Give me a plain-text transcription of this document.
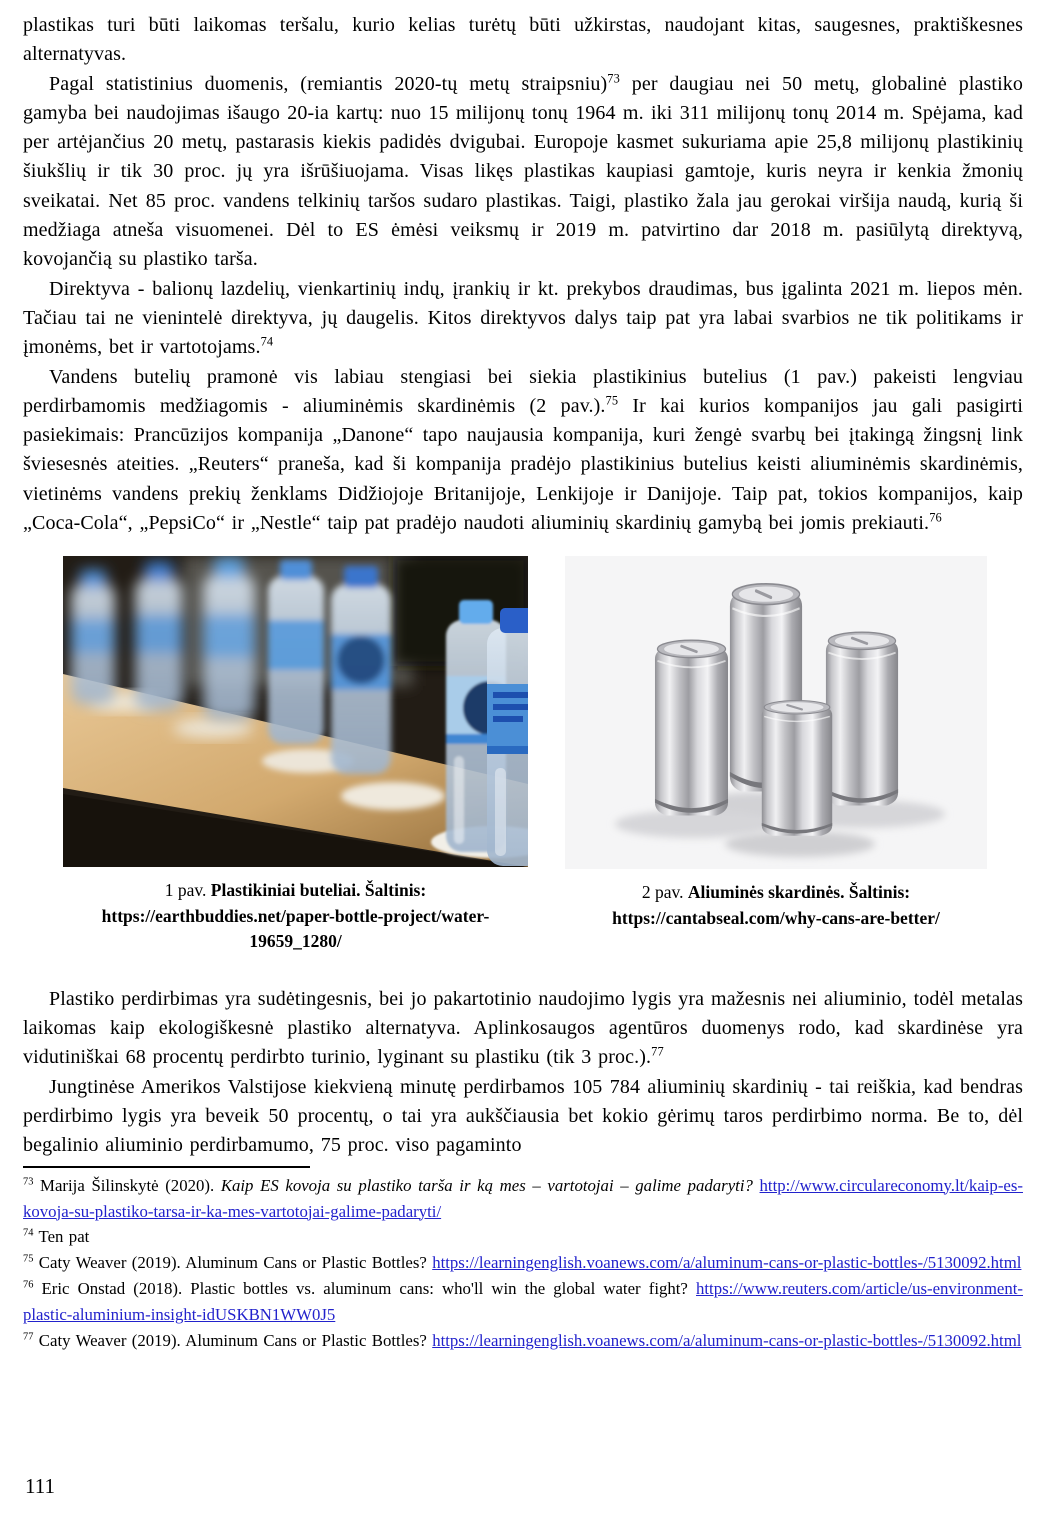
plastikas turi būti laikomas teršalu, kurio kelias turėtų būti užkirstas, naudojant kitas, saugesnes, praktiškesnes alternatyvas.

Pagal statistinius duomenis, (remiantis 2020-tų metų straipsniu)$^{73}$ per daugiau nei 50 metų, globalinė plastiko gamyba bei naudojimas išaugo 20-ia kartų: nuo 15 milijonų tonų 1964 m. iki 311 milijonų tonų 2014 m. Spėjama, kad per artėjančius 20 metų, pastarasis kiekis padidės dvigubai. Europoje kasmet sukuriama apie 25,8 milijonų plastikinių šiukšlių ir tik 30 proc. jų yra išrūšiuojama. Visas likęs plastikas kaupiasi gamtoje, kuris neyra ir kenkia žmonių sveikatai. Net 85 proc. vandens telkinių taršos sudaro plastikas. Taigi, plastiko žala jau gerokai viršija naudą, kurią ši medžiaga atneša visuomenei. Dėl to ES ėmėsi veiksmų ir 2019 m. patvirtino dar 2018 m. pasiūlytą direktyvą, kovojančią su plastiko tarša.

Direktyva - balionų lazdelių, vienkartinių indų, įrankių ir kt. prekybos draudimas, bus įgalinta 2021 m. liepos mėn. Tačiau tai ne vienintelė direktyva, jų daugelis. Kitos direktyvos dalys taip pat yra labai svarbios ne tik politikams ir įmonėms, bet ir vartotojams.$^{74}$

Vandens butelių pramonė vis labiau stengiasi bei siekia plastikinius butelius (1 pav.) pakeisti lengviau perdirbamomis medžiagomis - aliuminėmis skardinėmis (2 pav.).$^{75}$ Ir kai kurios kompanijos jau gali pasigirti pasiekimais: Prancūzijos kompanija „Danone“ tapo naujausia kompanija, kuri žengė svarbų bei įtakingą žingsnį link šviesesnės ateities. „Reuters“ praneša, kad ši kompanija pradėjo plastikinius butelius keisti aliuminėmis skardinėmis, vietinėms vandens prekių ženklams Didžiojoje Britanijoje, Lenkijoje ir Danijoje. Taip pat, tokios kompanijos, kaip „Coca-Cola“, „PepsiCo“ ir „Nestle“ taip pat pradėjo naudoti aliuminių skardinių gamybą bei jomis prekiauti.$^{76}$

1 pav. Plastikiniai buteliai. Šaltinis:
https://earthbuddies.net/paper-bottle-project/water-
19659_1280/
2 pav. Aliuminės skardinės. Šaltinis:
https://cantabseal.com/why-cans-are-better/

Plastiko perdirbimas yra sudėtingesnis, bei jo pakartotinio naudojimo lygis yra mažesnis nei aliuminio, todėl metalas laikomas kaip ekologiškesnė plastiko alternatyva. Aplinkosaugos agentūros duomenys rodo, kad skardinėse yra vidutiniškai 68 procentų perdirbto turinio, lyginant su plastiku (tik 3 proc.).$^{77}$

Jungtinėse Amerikos Valstijose kiekvieną minutę perdirbamos 105 784 aliuminių skardinių - tai reiškia, kad bendras perdirbimo lygis yra beveik 50 procentų, o tai yra aukščiausia bet kokio gėrimų taros perdirbimo norma. Be to, dėl begalinio aliuminio perdirbamumo, 75 proc. viso pagaminto

$^{73}$ Marija Šilinskytė (2020). Kaip ES kovoja su plastiko tarša ir ką mes – vartotojai – galime padaryti? http://www.circulareconomy.lt/kaip-es-kovoja-su-plastiko-tarsa-ir-ka-mes-vartotojai-galime-padaryti/

$^{74}$ Ten pat

$^{75}$ Caty Weaver (2019). Aluminum Cans or Plastic Bottles? https://learningenglish.voanews.com/a/aluminum-cans-or-plastic-bottles-/5130092.html

$^{76}$ Eric Onstad (2018). Plastic bottles vs. aluminum cans: who'll win the global water fight? https://www.reuters.com/article/us-environment-plastic-aluminium-insight-idUSKBN1WW0J5

$^{77}$ Caty Weaver (2019). Aluminum Cans or Plastic Bottles? https://learningenglish.voanews.com/a/aluminum-cans-or-plastic-bottles-/5130092.html

111
